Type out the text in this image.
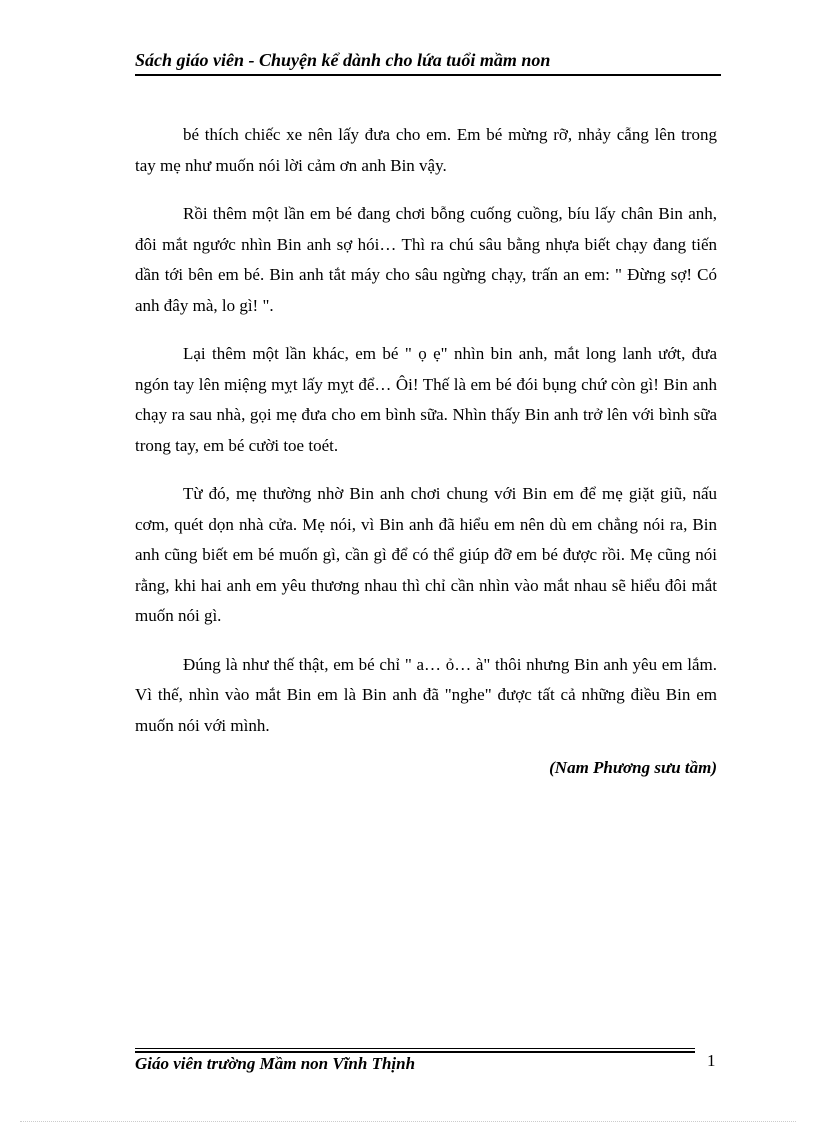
Sách giáo viên - Chuyện kể dành cho lứa tuổi mầm non

bé thích chiếc xe nên lấy đưa cho em. Em bé mừng rỡ, nhảy cẫng lên trong tay mẹ như muốn nói lời cảm ơn anh Bin vậy.

Rồi thêm một lần em bé đang chơi bỗng cuống cuồng, bíu lấy chân Bin anh, đôi mắt ngước nhìn Bin anh sợ hói… Thì ra chú sâu bằng nhựa biết chạy đang tiến dần tới bên em bé. Bin anh tắt máy cho sâu ngừng chạy, trấn an em: " Đừng sợ! Có anh đây mà, lo gì! ".

Lại thêm một lần khác, em bé " ọ ẹ" nhìn bin anh, mắt long lanh ướt, đưa ngón tay lên miệng mỵt lấy mỵt để… Ôi! Thế là em bé đói bụng chứ còn gì! Bin anh chạy ra sau nhà, gọi mẹ đưa cho em bình sữa. Nhìn thấy Bin anh trở lên với bình sữa trong tay, em bé cười toe toét.

Từ đó, mẹ thường nhờ Bin anh chơi chung với Bin em để mẹ giặt giũ, nấu cơm, quét dọn nhà cửa. Mẹ nói, vì Bin anh đã hiểu em nên dù em chẳng nói ra, Bin anh cũng biết em bé muốn gì, cần gì để có thể giúp đỡ em bé được rồi. Mẹ cũng nói rằng, khi hai anh em yêu thương nhau thì chỉ cần nhìn vào mắt nhau sẽ hiểu đôi mắt muốn nói gì.

Đúng là như thế thật, em bé chỉ " a… ỏ… à" thôi nhưng Bin anh yêu em lắm. Vì thế, nhìn vào mắt Bin em là Bin anh đã "nghe" được tất cả những điều Bin em muốn nói với mình.

(Nam Phương sưu tầm)

Giáo viên trường Mầm non Vĩnh Thịnh	1
